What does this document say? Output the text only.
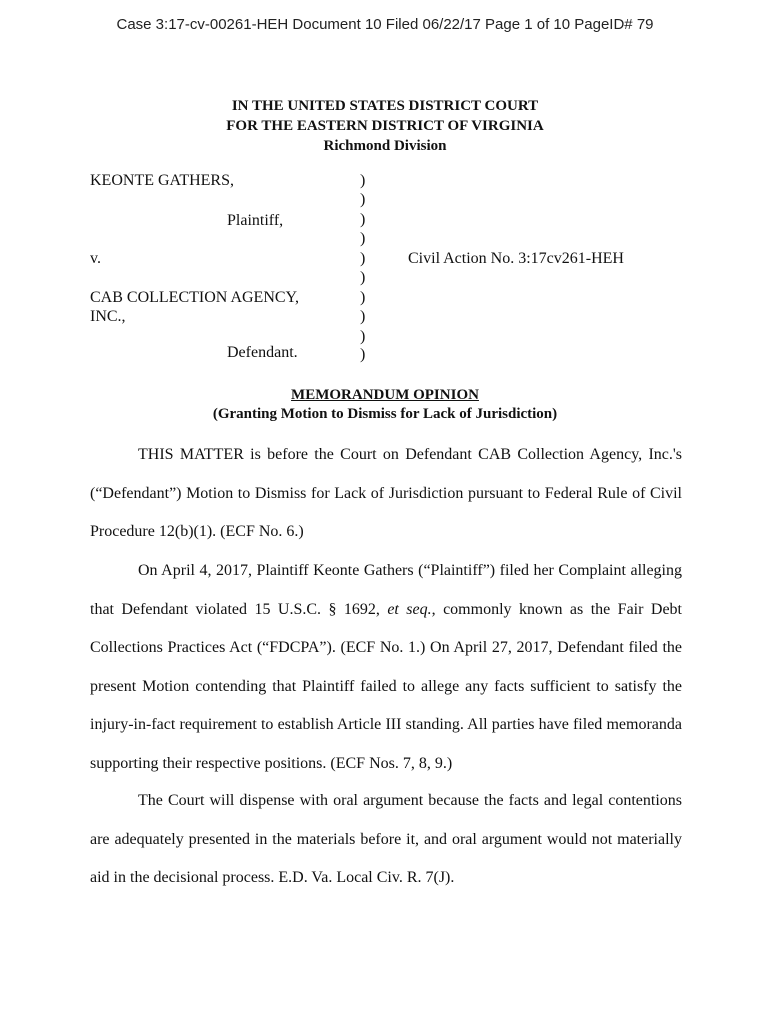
Case 3:17-cv-00261-HEH Document 10 Filed 06/22/17 Page 1 of 10 PageID# 79
IN THE UNITED STATES DISTRICT COURT
FOR THE EASTERN DISTRICT OF VIRGINIA
Richmond Division
KEONTE GATHERS,
Plaintiff,
v.
CAB COLLECTION AGENCY,
INC.,
Defendant.
Civil Action No. 3:17cv261-HEH
)
)
)
)
)
)
)
)
)
)
MEMORANDUM OPINION
(Granting Motion to Dismiss for Lack of Jurisdiction)

THIS MATTER is before the Court on Defendant CAB Collection Agency, Inc.'s (“Defendant”) Motion to Dismiss for Lack of Jurisdiction pursuant to Federal Rule of Civil Procedure 12(b)(1). (ECF No. 6.)

On April 4, 2017, Plaintiff Keonte Gathers (“Plaintiff”) filed her Complaint alleging that Defendant violated 15 U.S.C. § 1692, et seq., commonly known as the Fair Debt Collections Practices Act (“FDCPA”). (ECF No. 1.) On April 27, 2017, Defendant filed the present Motion contending that Plaintiff failed to allege any facts sufficient to satisfy the injury-in-fact requirement to establish Article III standing. All parties have filed memoranda supporting their respective positions. (ECF Nos. 7, 8, 9.)

The Court will dispense with oral argument because the facts and legal contentions are adequately presented in the materials before it, and oral argument would not materially aid in the decisional process. E.D. Va. Local Civ. R. 7(J).
